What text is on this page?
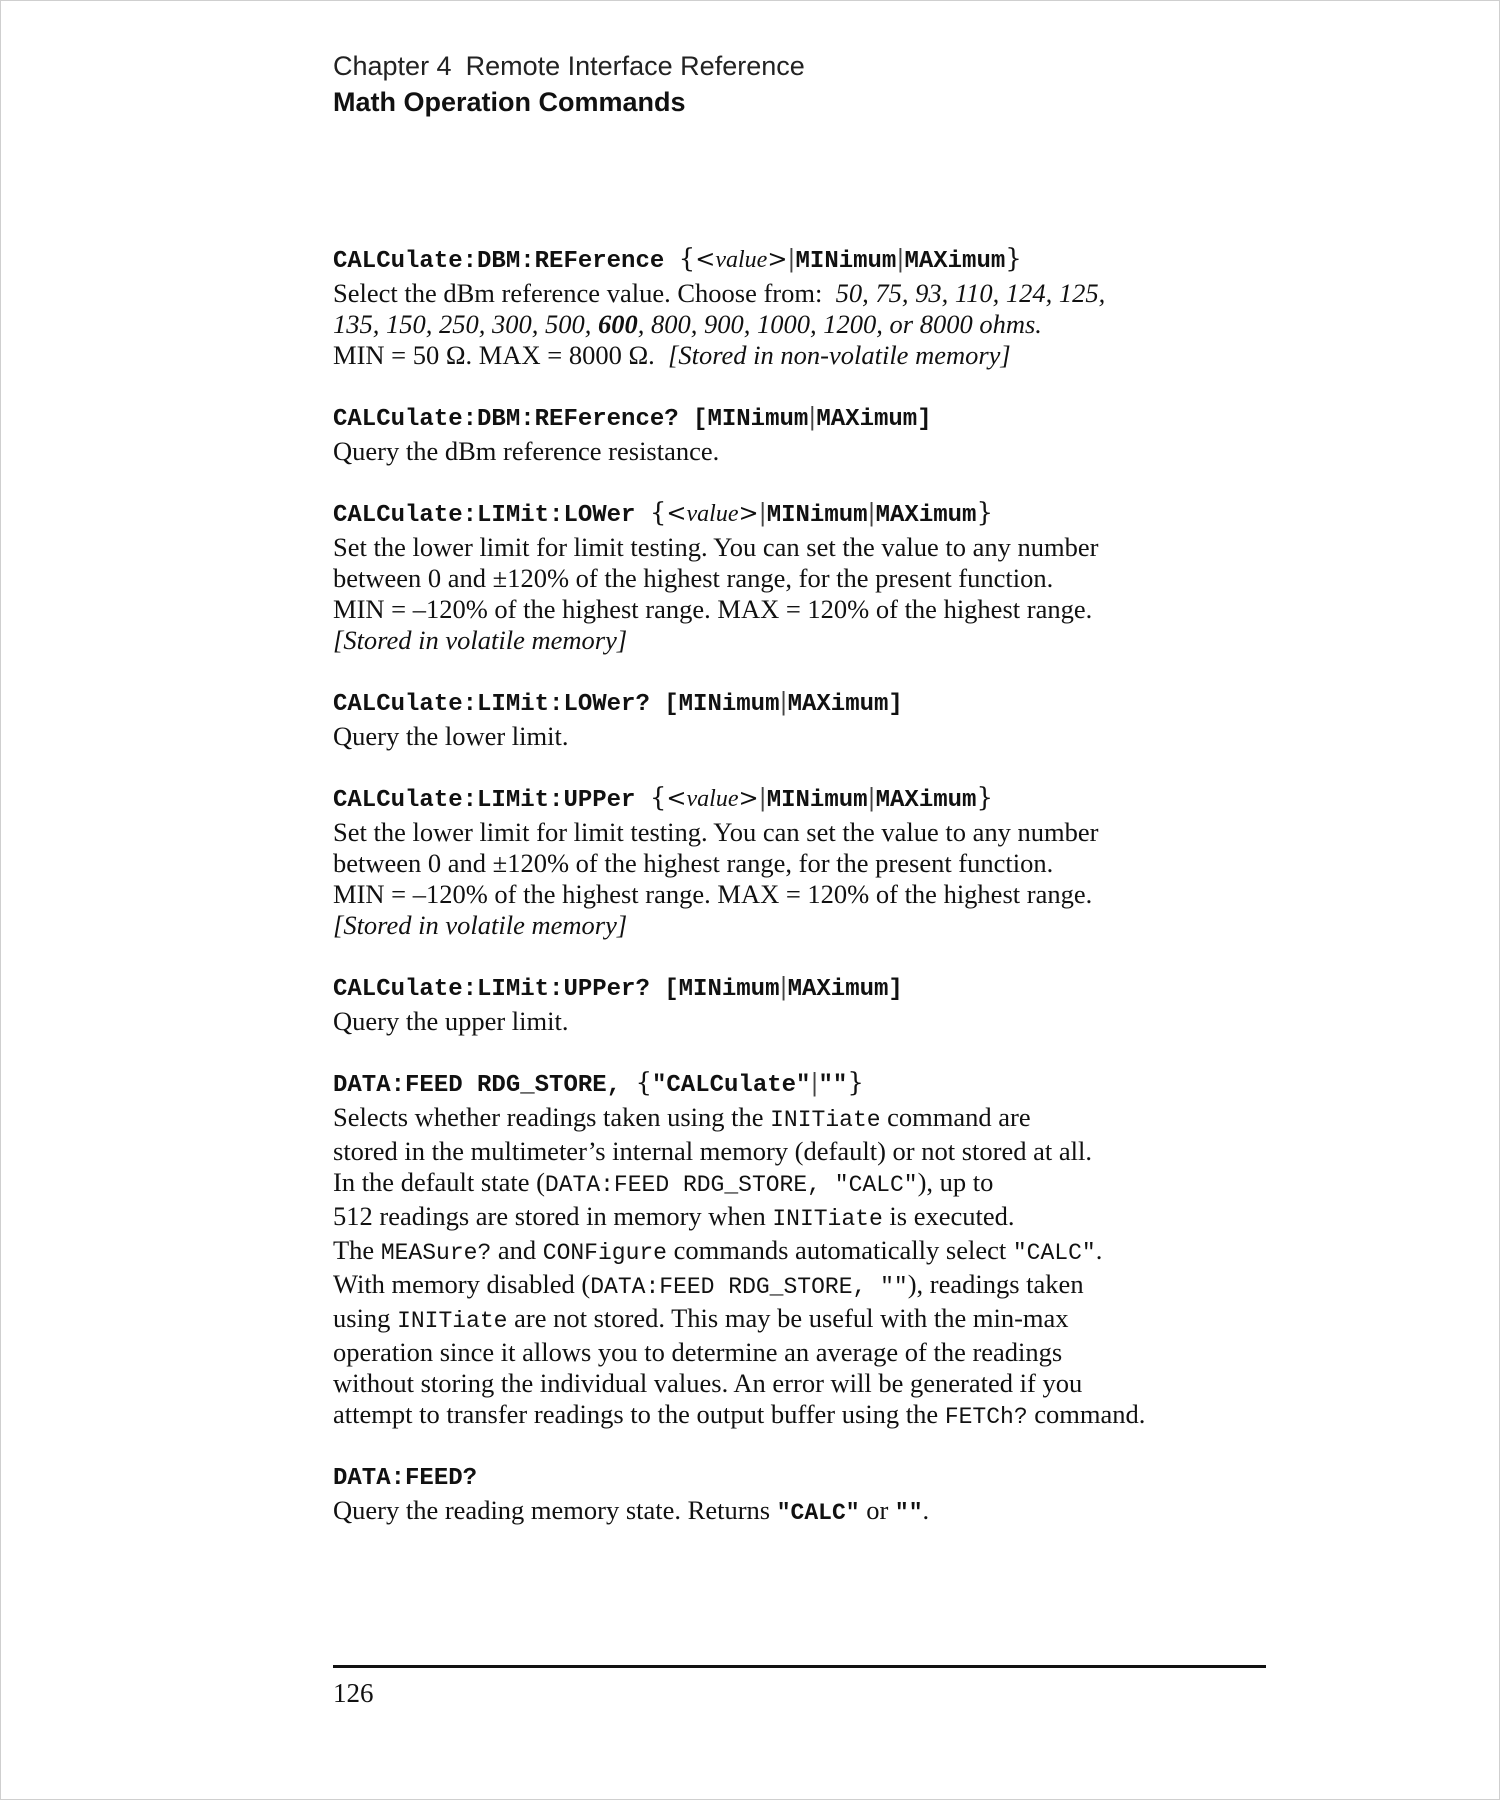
Chapter 4 Remote Interface Reference
Math Operation Commands
CALCulate:DBM:REFerence {<value>|MINimum|MAXimum}

Select the dBm reference value. Choose from: 50, 75, 93, 110, 124, 125,

135, 150, 250, 300, 500, 600, 800, 900, 1000, 1200, or 8000 ohms.

MIN = 50 Ω. MAX = 8000 Ω. [Stored in non-volatile memory]

CALCulate:DBM:REFerence? [MINimum|MAXimum]
Query the dBm reference resistance.
CALCulate:LIMit:LOWer {<value>|MINimum|MAXimum}

Set the lower limit for limit testing. You can set the value to any number

between 0 and ±120% of the highest range, for the present function.

MIN = –120% of the highest range. MAX = 120% of the highest range.

[Stored in volatile memory]

CALCulate:LIMit:LOWer? [MINimum|MAXimum]
Query the lower limit.
CALCulate:LIMit:UPPer {<value>|MINimum|MAXimum}

Set the lower limit for limit testing. You can set the value to any number

between 0 and ±120% of the highest range, for the present function.

MIN = –120% of the highest range. MAX = 120% of the highest range.

[Stored in volatile memory]

CALCulate:LIMit:UPPer? [MINimum|MAXimum]
Query the upper limit.
DATA:FEED RDG_STORE, {"CALCulate"|""}

Selects whether readings taken using the INITiate command are

stored in the multimeter’s internal memory (default) or not stored at all.

In the default state (DATA:FEED RDG_STORE, "CALC"), up to

512 readings are stored in memory when INITiate is executed.

The MEASure? and CONFigure commands automatically select "CALC".

With memory disabled (DATA:FEED RDG_STORE, ""), readings taken

using INITiate are not stored. This may be useful with the min-max

operation since it allows you to determine an average of the readings

without storing the individual values. An error will be generated if you

attempt to transfer readings to the output buffer using the FETCh? command.

DATA:FEED?

Query the reading memory state. Returns "CALC" or "".

126
